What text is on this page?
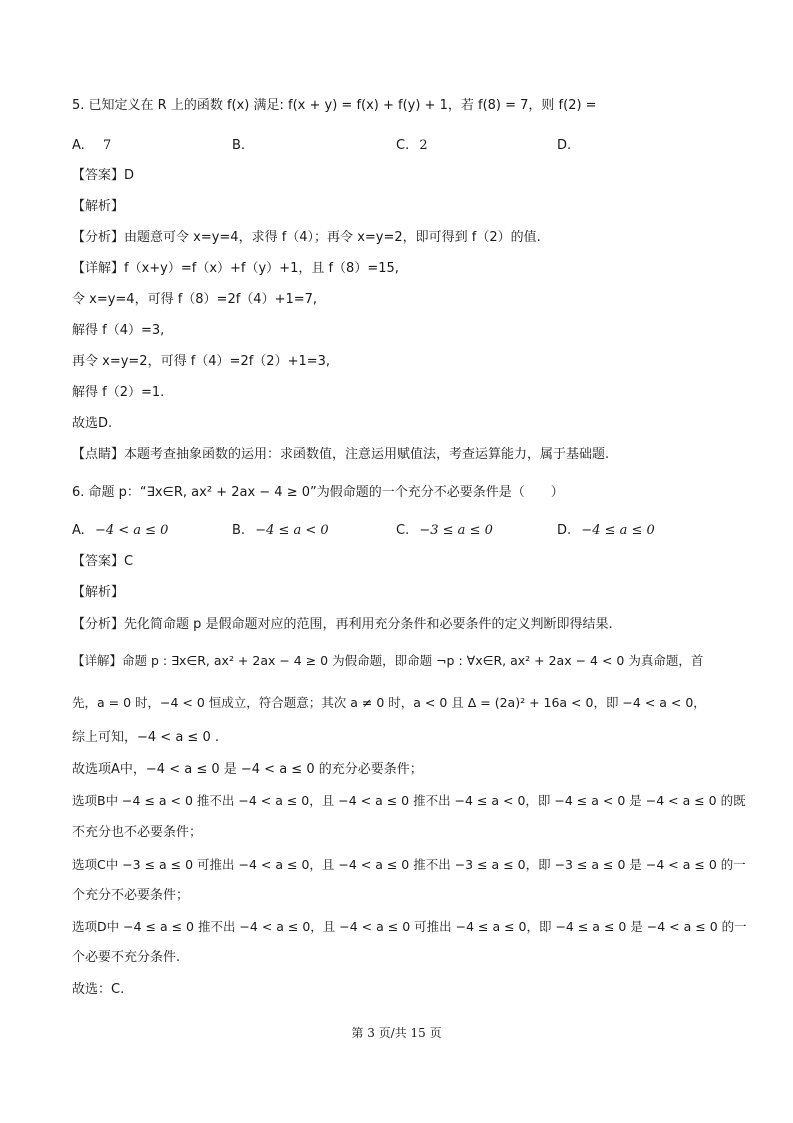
5. 已知定义在 R 上的函数 f(x) 满足: f(x + y) = f(x) + f(y) + 1，若 f(8) = 7，则 f(2) =
A. 7	B.	C. 2	D.
【答案】D
【解析】
【分析】由题意可令 x=y=4，求得 f（4）；再令 x=y=2，即可得到 f（2）的值.
【详解】f（x+y）=f（x）+f（y）+1，且 f（8）=15,
令 x=y=4，可得 f（8）=2f（4）+1=7,
解得 f（4）=3,
再令 x=y=2，可得 f（4）=2f（2）+1=3,
解得 f（2）=1.
故选D.
【点睛】本题考查抽象函数的运用：求函数值，注意运用赋值法，考查运算能力，属于基础题.
6. 命题 p：“∃x∈R, ax² + 2ax − 4 ≥ 0”为假命题的一个充分不必要条件是（　　）
A. −4 < a ≤ 0	B. −4 ≤ a < 0	C. −3 ≤ a ≤ 0	D. −4 ≤ a ≤ 0
【答案】C
【解析】
【分析】先化简命题 p 是假命题对应的范围，再利用充分条件和必要条件的定义判断即得结果.
【详解】命题 p : ∃x∈R, ax² + 2ax − 4 ≥ 0 为假命题，即命题 ¬p : ∀x∈R, ax² + 2ax − 4 < 0 为真命题，首
先，a = 0 时，−4 < 0 恒成立，符合题意；其次 a ≠ 0 时，a < 0 且 Δ = (2a)² + 16a < 0，即 −4 < a < 0，
综上可知，−4 < a ≤ 0 .
故选项A中，−4 < a ≤ 0 是 −4 < a ≤ 0 的充分必要条件；
选项B中 −4 ≤ a < 0 推不出 −4 < a ≤ 0，且 −4 < a ≤ 0 推不出 −4 ≤ a < 0，即 −4 ≤ a < 0 是 −4 < a ≤ 0 的既
不充分也不必要条件；
选项C中 −3 ≤ a ≤ 0 可推出 −4 < a ≤ 0，且 −4 < a ≤ 0 推不出 −3 ≤ a ≤ 0，即 −3 ≤ a ≤ 0 是 −4 < a ≤ 0 的一
个充分不必要条件；
选项D中 −4 ≤ a ≤ 0 推不出 −4 < a ≤ 0，且 −4 < a ≤ 0 可推出 −4 ≤ a ≤ 0，即 −4 ≤ a ≤ 0 是 −4 < a ≤ 0 的一
个必要不充分条件.
故选：C.
第 3 页/共 15 页
